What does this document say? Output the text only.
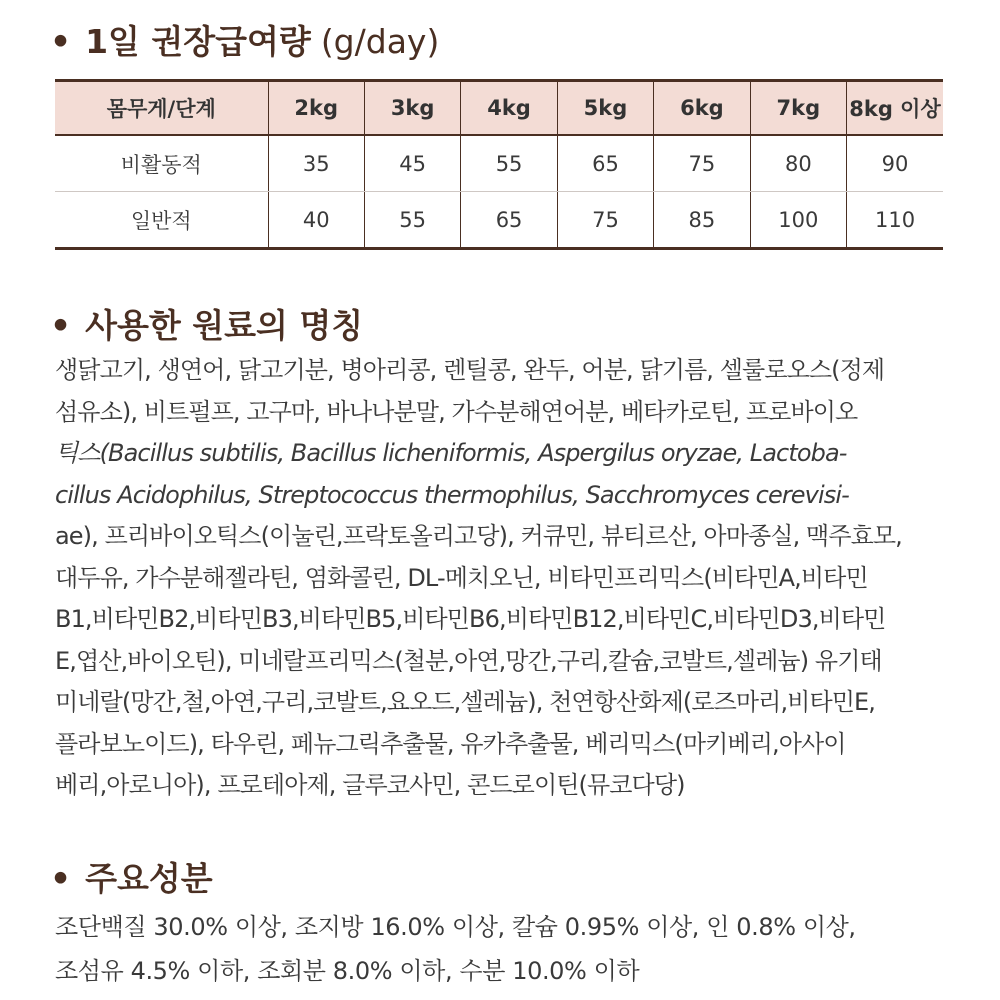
• 1일 권장급여량 (g/day)
몸무게/단계	2kg	3kg	4kg	5kg	6kg	7kg	8kg 이상
비활동적	35	45	55	65	75	80	90
일반적	40	55	65	75	85	100	110
• 사용한 원료의 명칭
생닭고기, 생연어, 닭고기분, 병아리콩, 렌틸콩, 완두, 어분, 닭기름, 셀룰로오스(정제
섬유소), 비트펄프, 고구마, 바나나분말, 가수분해연어분, 베타카로틴, 프로바이오
틱스(Bacillus subtilis, Bacillus licheniformis, Aspergilus oryzae, Lactoba-
cillus Acidophilus, Streptococcus thermophilus, Sacchromyces cerevisi-
ae), 프리바이오틱스(이눌린,프락토올리고당), 커큐민, 뷰티르산, 아마종실, 맥주효모,
대두유, 가수분해젤라틴, 염화콜린, DL-메치오닌, 비타민프리믹스(비타민A,비타민
B1,비타민B2,비타민B3,비타민B5,비타민B6,비타민B12,비타민C,비타민D3,비타민
E,엽산,바이오틴), 미네랄프리믹스(철분,아연,망간,구리,칼슘,코발트,셀레늄) 유기태
미네랄(망간,철,아연,구리,코발트,요오드,셀레늄), 천연항산화제(로즈마리,비타민E,
플라보노이드), 타우린, 페뉴그릭추출물, 유카추출물, 베리믹스(마키베리,아사이
베리,아로니아), 프로테아제, 글루코사민, 콘드로이틴(뮤코다당)
• 주요성분
조단백질 30.0% 이상, 조지방 16.0% 이상, 칼슘 0.95% 이상, 인 0.8% 이상,
조섬유 4.5% 이하, 조회분 8.0% 이하, 수분 10.0% 이하
